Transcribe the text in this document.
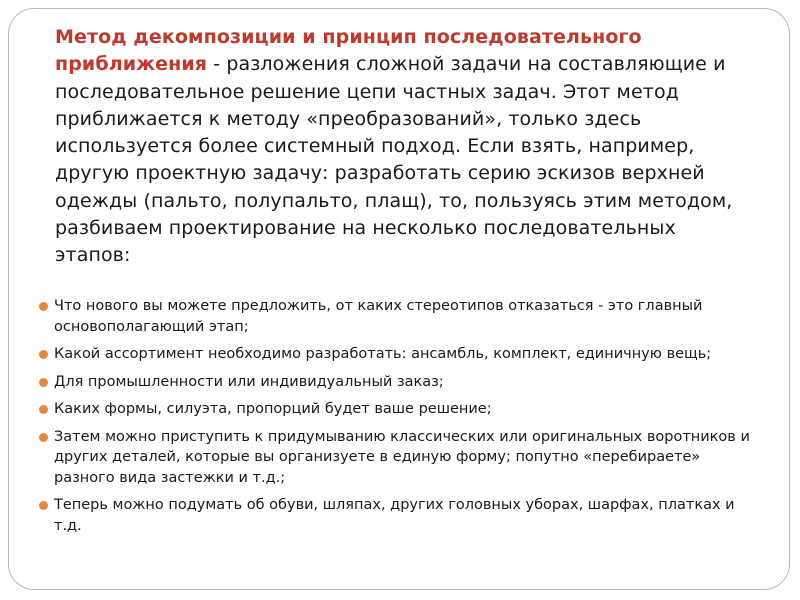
Метод декомпозиции и принцип последовательного приближения - разложения сложной задачи на составляющие и последовательное решение цепи частных задач. Этот метод приближается к методу «преобразований», только здесь используется более системный подход. Если взять, например, другую проектную задачу: разработать серию эскизов верхней одежды (пальто, полупальто, плащ), то, пользуясь этим методом, разбиваем проектирование на несколько последовательных этапов:

Что нового вы можете предложить, от каких стереотипов отказаться - это главный основополагающий этап;
Какой ассортимент необходимо разработать: ансамбль, комплект, единичную вещь;
Для промышленности или индивидуальный заказ;
Каких формы, силуэта, пропорций будет ваше решение;
Затем можно приступить к придумыванию классических или оригинальных воротников и других деталей, которые вы организуете в единую форму; попутно «перебираете» разного вида застежки и т.д.;
Теперь можно подумать об обуви, шляпах, других головных уборах, шарфах, платках и т.д.
